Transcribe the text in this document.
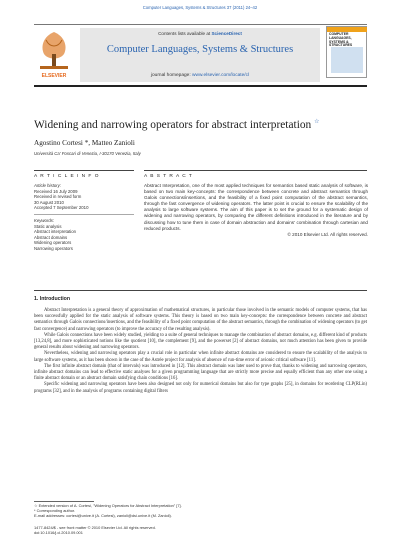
Computer Languages, Systems & Structures 37 (2011) 24–42
ELSEVIER
Contents lists available at ScienceDirect
Computer Languages, Systems & Structures
journal homepage: www.elsevier.com/locate/cl
COMPUTER LANGUAGES, SYSTEMS & STRUCTURES
Widening and narrowing operators for abstract interpretation ☆
Agostino Cortesi *, Matteo Zanioli
Università Ca' Foscari di Venezia, I-30170 Venezia, Italy
A R T I C L E I N F O	A B S T R A C T
Article history:
Received 16 July 2009
Received in revised form
30 August 2010
Accepted 7 September 2010
Keywords:
Static analysis
Abstract interpretation
Abstract domains
Widening operators
Narrowing operators
Abstract Interpretation, one of the most applied techniques for semantics based static analysis of software, is based on two main key-concepts: the correspondence between concrete and abstract semantics through Galois connections/insertions, and the feasibility of a fixed point computation of the abstract semantics, through the fast convergence of widening operators. The latter point is crucial to ensure the scalability of the analysis to large software systems. The aim of this paper is to set the ground for a systematic design of widening and narrowing operators, by comparing the different definitions introduced in the literature and by discussing how to tune them in case of domain abstraction and domains' combination through cartesian and reduced products.
© 2010 Elsevier Ltd. All rights reserved.
1. Introduction

Abstract Interpretation is a general theory of approximation of mathematical structures, in particular those involved in the semantic models of computer systems, that has been successfully applied for the static analysis of software systems. This theory is based on two main key-concepts: the correspondence between concrete and abstract semantics through Galois connections/insertions, and the feasibility of a fixed point computation of the abstract semantics, through the combination of widening operators (to get fast convergence) and narrowing operators (to improve the accuracy of the resulting analysis).

While Galois connections have been widely studied, yielding to a suite of general techniques to manage the combination of abstract domains, e.g. different kind of products [13,24,8], and more sophisticated notions like the quotient [10], the complement [9], and the powerset [2] of abstract domains, not much attention has been given to provide general results about widening and narrowing operators.

Nevertheless, widening and narrowing operators play a crucial role in particular when infinite abstract domains are considered to ensure the scalability of the analysis to large software systems, as it has been shown in the case of the Astrée project for analysis of absence of run-time error of avionic critical software [11].

The first infinite abstract domain (that of intervals) was introduced in [12]. This abstract domain was later used to prove that, thanks to widening and narrowing operators, infinite abstract domains can lead to effective static analyses for a given programming language that are strictly more precise and equally efficient than any other one using a finite abstract domain or an abstract domain satisfying chain conditions [16].

Specific widening and narrowing operators have been also designed not only for numerical domains but also for type graphs [25], in domains for reordering CLP(RLin) programs [32], and in the analysis of programs containing digital filters

☆ Extended version of A. Cortesi, "Widening Operators for Abstract Interpretation" [7].
* Corresponding author.
E-mail addresses: cortesi@unive.it (A. Cortesi), zanioli@dsi.unive.it (M. Zanioli).
1477-8424/$ - see front matter © 2010 Elsevier Ltd. All rights reserved.
doi:10.1016/j.cl.2010.09.001
